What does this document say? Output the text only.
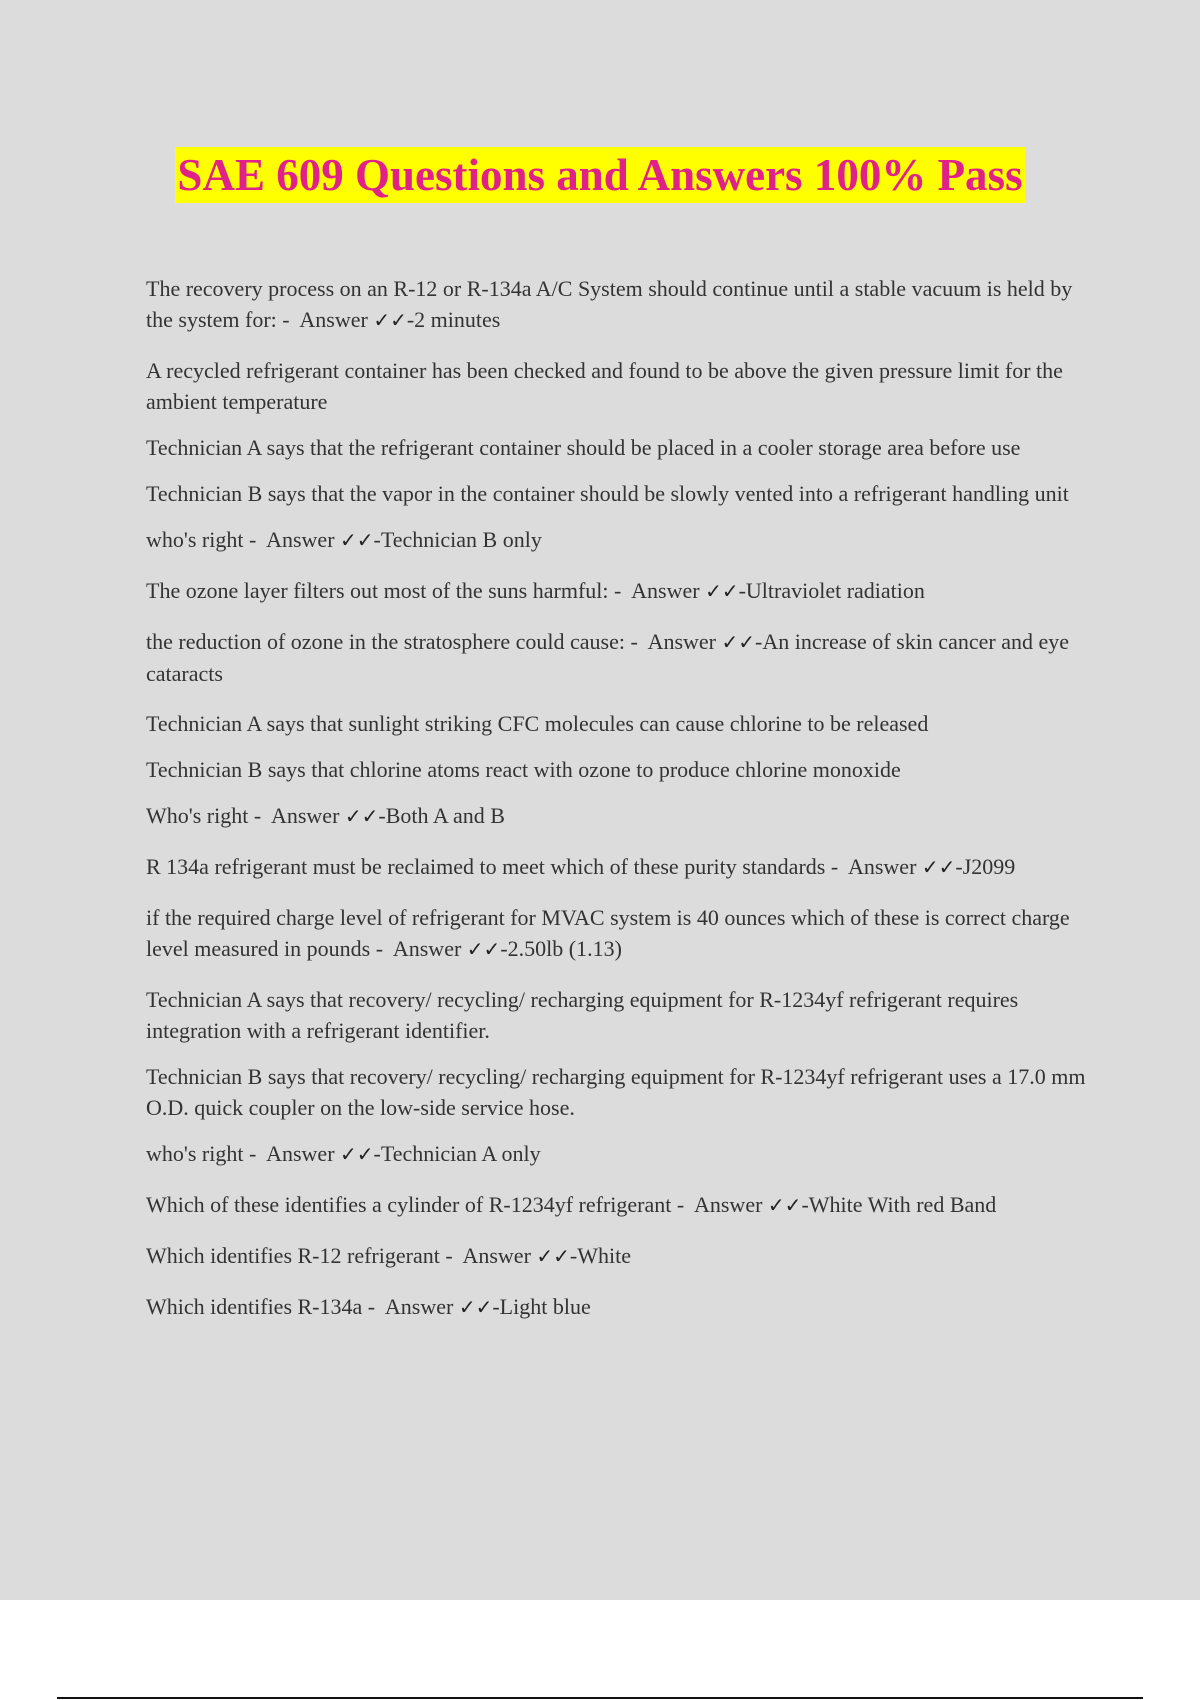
SAE 609 Questions and Answers 100% Pass

The recovery process on an R-12 or R-134a A/C System should continue until a stable vacuum is held by the system for: -  Answer ✓✓-2 minutes

A recycled refrigerant container has been checked and found to be above the given pressure limit for the ambient temperature

Technician A says that the refrigerant container should be placed in a cooler storage area before use

Technician B says that the vapor in the container should be slowly vented into a refrigerant handling unit

who's right -  Answer ✓✓-Technician B only

The ozone layer filters out most of the suns harmful: -  Answer ✓✓-Ultraviolet radiation

the reduction of ozone in the stratosphere could cause: -  Answer ✓✓-An increase of skin cancer and eye cataracts

Technician A says that sunlight striking CFC molecules can cause chlorine to be released

Technician B says that chlorine atoms react with ozone to produce chlorine monoxide

Who's right -  Answer ✓✓-Both A and B

R 134a refrigerant must be reclaimed to meet which of these purity standards -  Answer ✓✓-J2099

if the required charge level of refrigerant for MVAC system is 40 ounces which of these is correct charge level measured in pounds -  Answer ✓✓-2.50lb (1.13)

Technician A says that recovery/ recycling/ recharging equipment for R-1234yf refrigerant requires integration with a refrigerant identifier.

Technician B says that recovery/ recycling/ recharging equipment for R-1234yf refrigerant uses a 17.0 mm O.D. quick coupler on the low-side service hose.

who's right -  Answer ✓✓-Technician A only

Which of these identifies a cylinder of R-1234yf refrigerant -  Answer ✓✓-White With red Band

Which identifies R-12 refrigerant -  Answer ✓✓-White

Which identifies R-134a -  Answer ✓✓-Light blue
